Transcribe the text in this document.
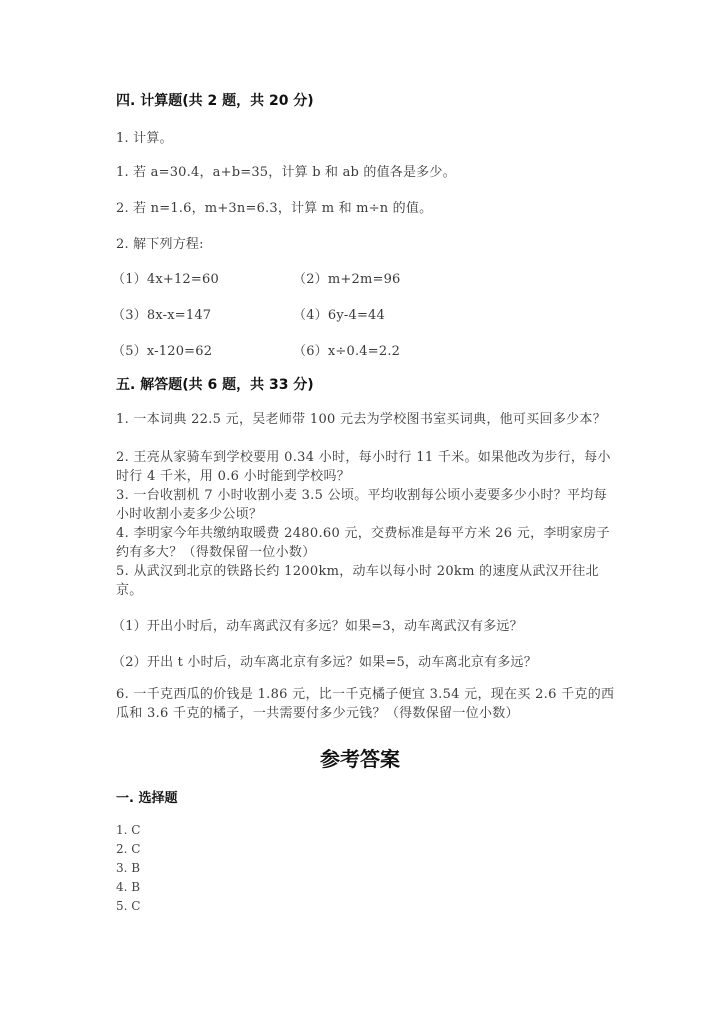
四. 计算题(共 2 题，共 20 分)
1. 计算。
1. 若 a=30.4，a+b=35，计算 b 和 ab 的值各是多少。
2. 若 n=1.6，m+3n=6.3，计算 m 和 m÷n 的值。
2. 解下列方程:
（1）4x+12=60	（2）m+2m=96
（3）8x-x=147	（4）6y-4=44
（5）x-120=62	（6）x÷0.4=2.2
五. 解答题(共 6 题，共 33 分)
1. 一本词典 22.5 元，吴老师带 100 元去为学校图书室买词典，他可买回多少本？
2. 王亮从家骑车到学校要用 0.34 小时，每小时行 11 千米。如果他改为步行，每小时行 4 千米，用 0.6 小时能到学校吗？
3. 一台收割机 7 小时收割小麦 3.5 公顷。平均收割每公顷小麦要多少小时？平均每小时收割小麦多少公顷？
4. 李明家今年共缴纳取暖费 2480.60 元，交费标准是每平方米 26 元，李明家房子约有多大？（得数保留一位小数）
5. 从武汉到北京的铁路长约 1200km，动车以每小时 20km 的速度从武汉开往北京。
（1）开出小时后，动车离武汉有多远？如果=3，动车离武汉有多远？
（2）开出 t 小时后，动车离北京有多远？如果=5，动车离北京有多远？
6. 一千克西瓜的价钱是 1.86 元，比一千克橘子便宜 3.54 元，现在买 2.6 千克的西瓜和 3.6 千克的橘子，一共需要付多少元钱？（得数保留一位小数）
参考答案
一. 选择题
1. C
2. C
3. B
4. B
5. C
